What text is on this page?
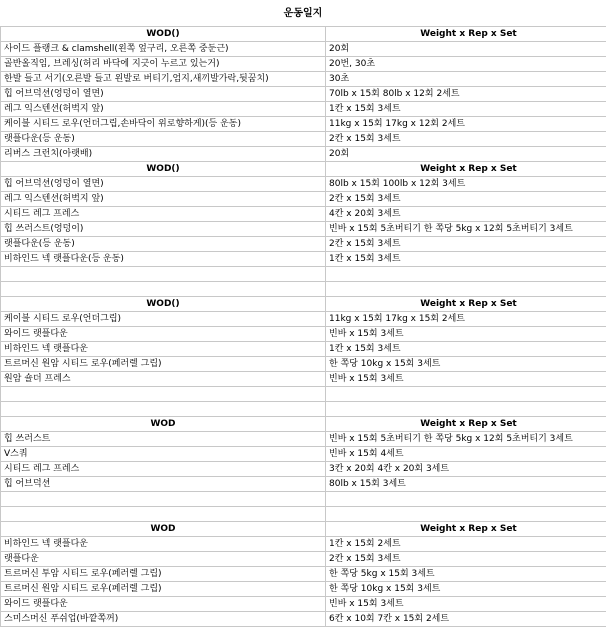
운동일지
WOD()	Weight x Rep x Set
사이드 플랭크 & clamshell(왼쪽 엎구리, 오른쪽 중둔근)	20회
골반올직임, 브레싱(허리 바닥에 지긋이 누르고 있는거)	20번, 30초
한발 들고 서기(오른발 들고 왼발로 버티기,엄지,새끼발가락,뒷꿈치)	30초
힙 어브덕션(엉덩이 열면)	70lb x 15회 80lb x 12회 2세트
레그 익스텐션(허벅지 앞)	1칸 x 15회 3세트
케이블 시티드 로우(언더그립,손바닥이 위로향하게)(등 운동)	11kg x 15회 17kg x 12회 2세트
랫플다운(등 운동)	2칸 x 15회 3세트
리버스 크런치(아랫배)	20회
WOD()	Weight x Rep x Set
힙 어브덕션(엉덩이 열면)	80lb x 15회 100lb x 12회 3세트
레그 익스텐션(허벅지 앞)	2칸 x 15회 3세트
시티드 레그 프레스	4칸 x 20회 3세트
힙 쓰러스트(엉덩이)	빈바 x 15회 5초버티기 한 쪽당 5kg x 12회 5초버티기 3세트
랫플다운(등 운동)	2칸 x 15회 3세트
비하인드 넥 랫플다운(등 운동)	1칸 x 15회 3세트

WOD()	Weight x Rep x Set
케이블 시티드 로우(언더그립)	11kg x 15회 17kg x 15회 2세트
와이드 랫플다운	빈바 x 15회 3세트
비하인드 넥 랫플다운	1칸 x 15회 3세트
트르머신 원암 시티드 로우(페러렐 그립)	한 쪽당 10kg x 15회 3세트
원암 숄더 프레스	빈바 x 15회 3세트

WOD	Weight x Rep x Set
힙 쓰러스트	빈바 x 15회 5초버티기 한 쪽당 5kg x 12회 5초버티기 3세트
V스쿼	빈바 x 15회 4세트
시티드 레그 프레스	3칸 x 20회 4칸 x 20회 3세트
힙 어브덕션	80lb x 15회 3세트

WOD	Weight x Rep x Set
비하인드 넥 랫플다운	1칸 x 15회 2세트
랫플다운	2칸 x 15회 3세트
트르머신 투암 시티드 로우(페러렐 그립)	한 쪽당 5kg x 15회 3세트
트르머신 원암 시티드 로우(페러렐 그립)	한 쪽당 10kg x 15회 3세트
와이드 랫플다운	빈바 x 15회 3세트
스미스머신 푸쉬업(바깥쪽꺼)	6칸 x 10회 7칸 x 15회 2세트
